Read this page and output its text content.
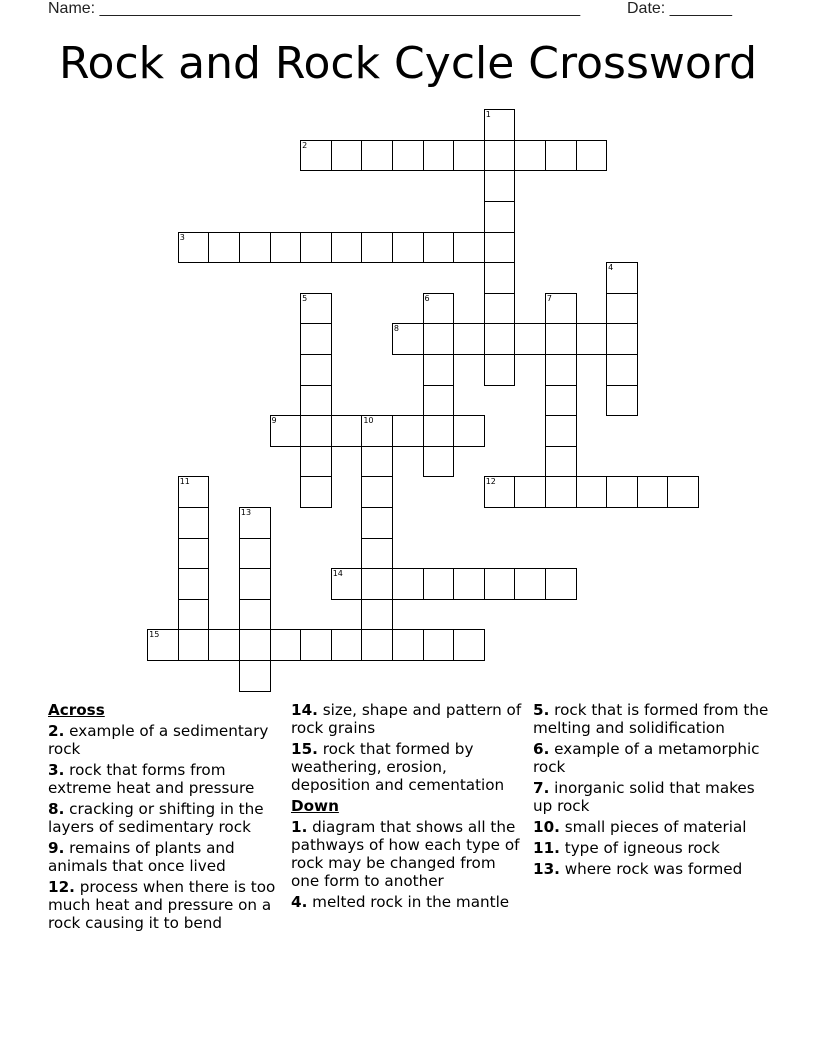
Name: ______________________________________________________	Date: _______
Rock and Rock Cycle Crossword
1
2
3
4
5	6	7
8
9	10
11	12
13
14
15
Across
2. example of a sedimentary rock
3. rock that forms from extreme heat and pressure
8. cracking or shifting in the layers of sedimentary rock
9. remains of plants and animals that once lived
12. process when there is too much heat and pressure on a rock causing it to bend
14. size, shape and pattern of rock grains
15. rock that formed by weathering, erosion, deposition and cementation
Down
1. diagram that shows all the pathways of how each type of rock may be changed from one form to another
4. melted rock in the mantle
5. rock that is formed from the melting and solidification
6. example of a metamorphic rock
7. inorganic solid that makes up rock
10. small pieces of material
11. type of igneous rock
13. where rock was formed
